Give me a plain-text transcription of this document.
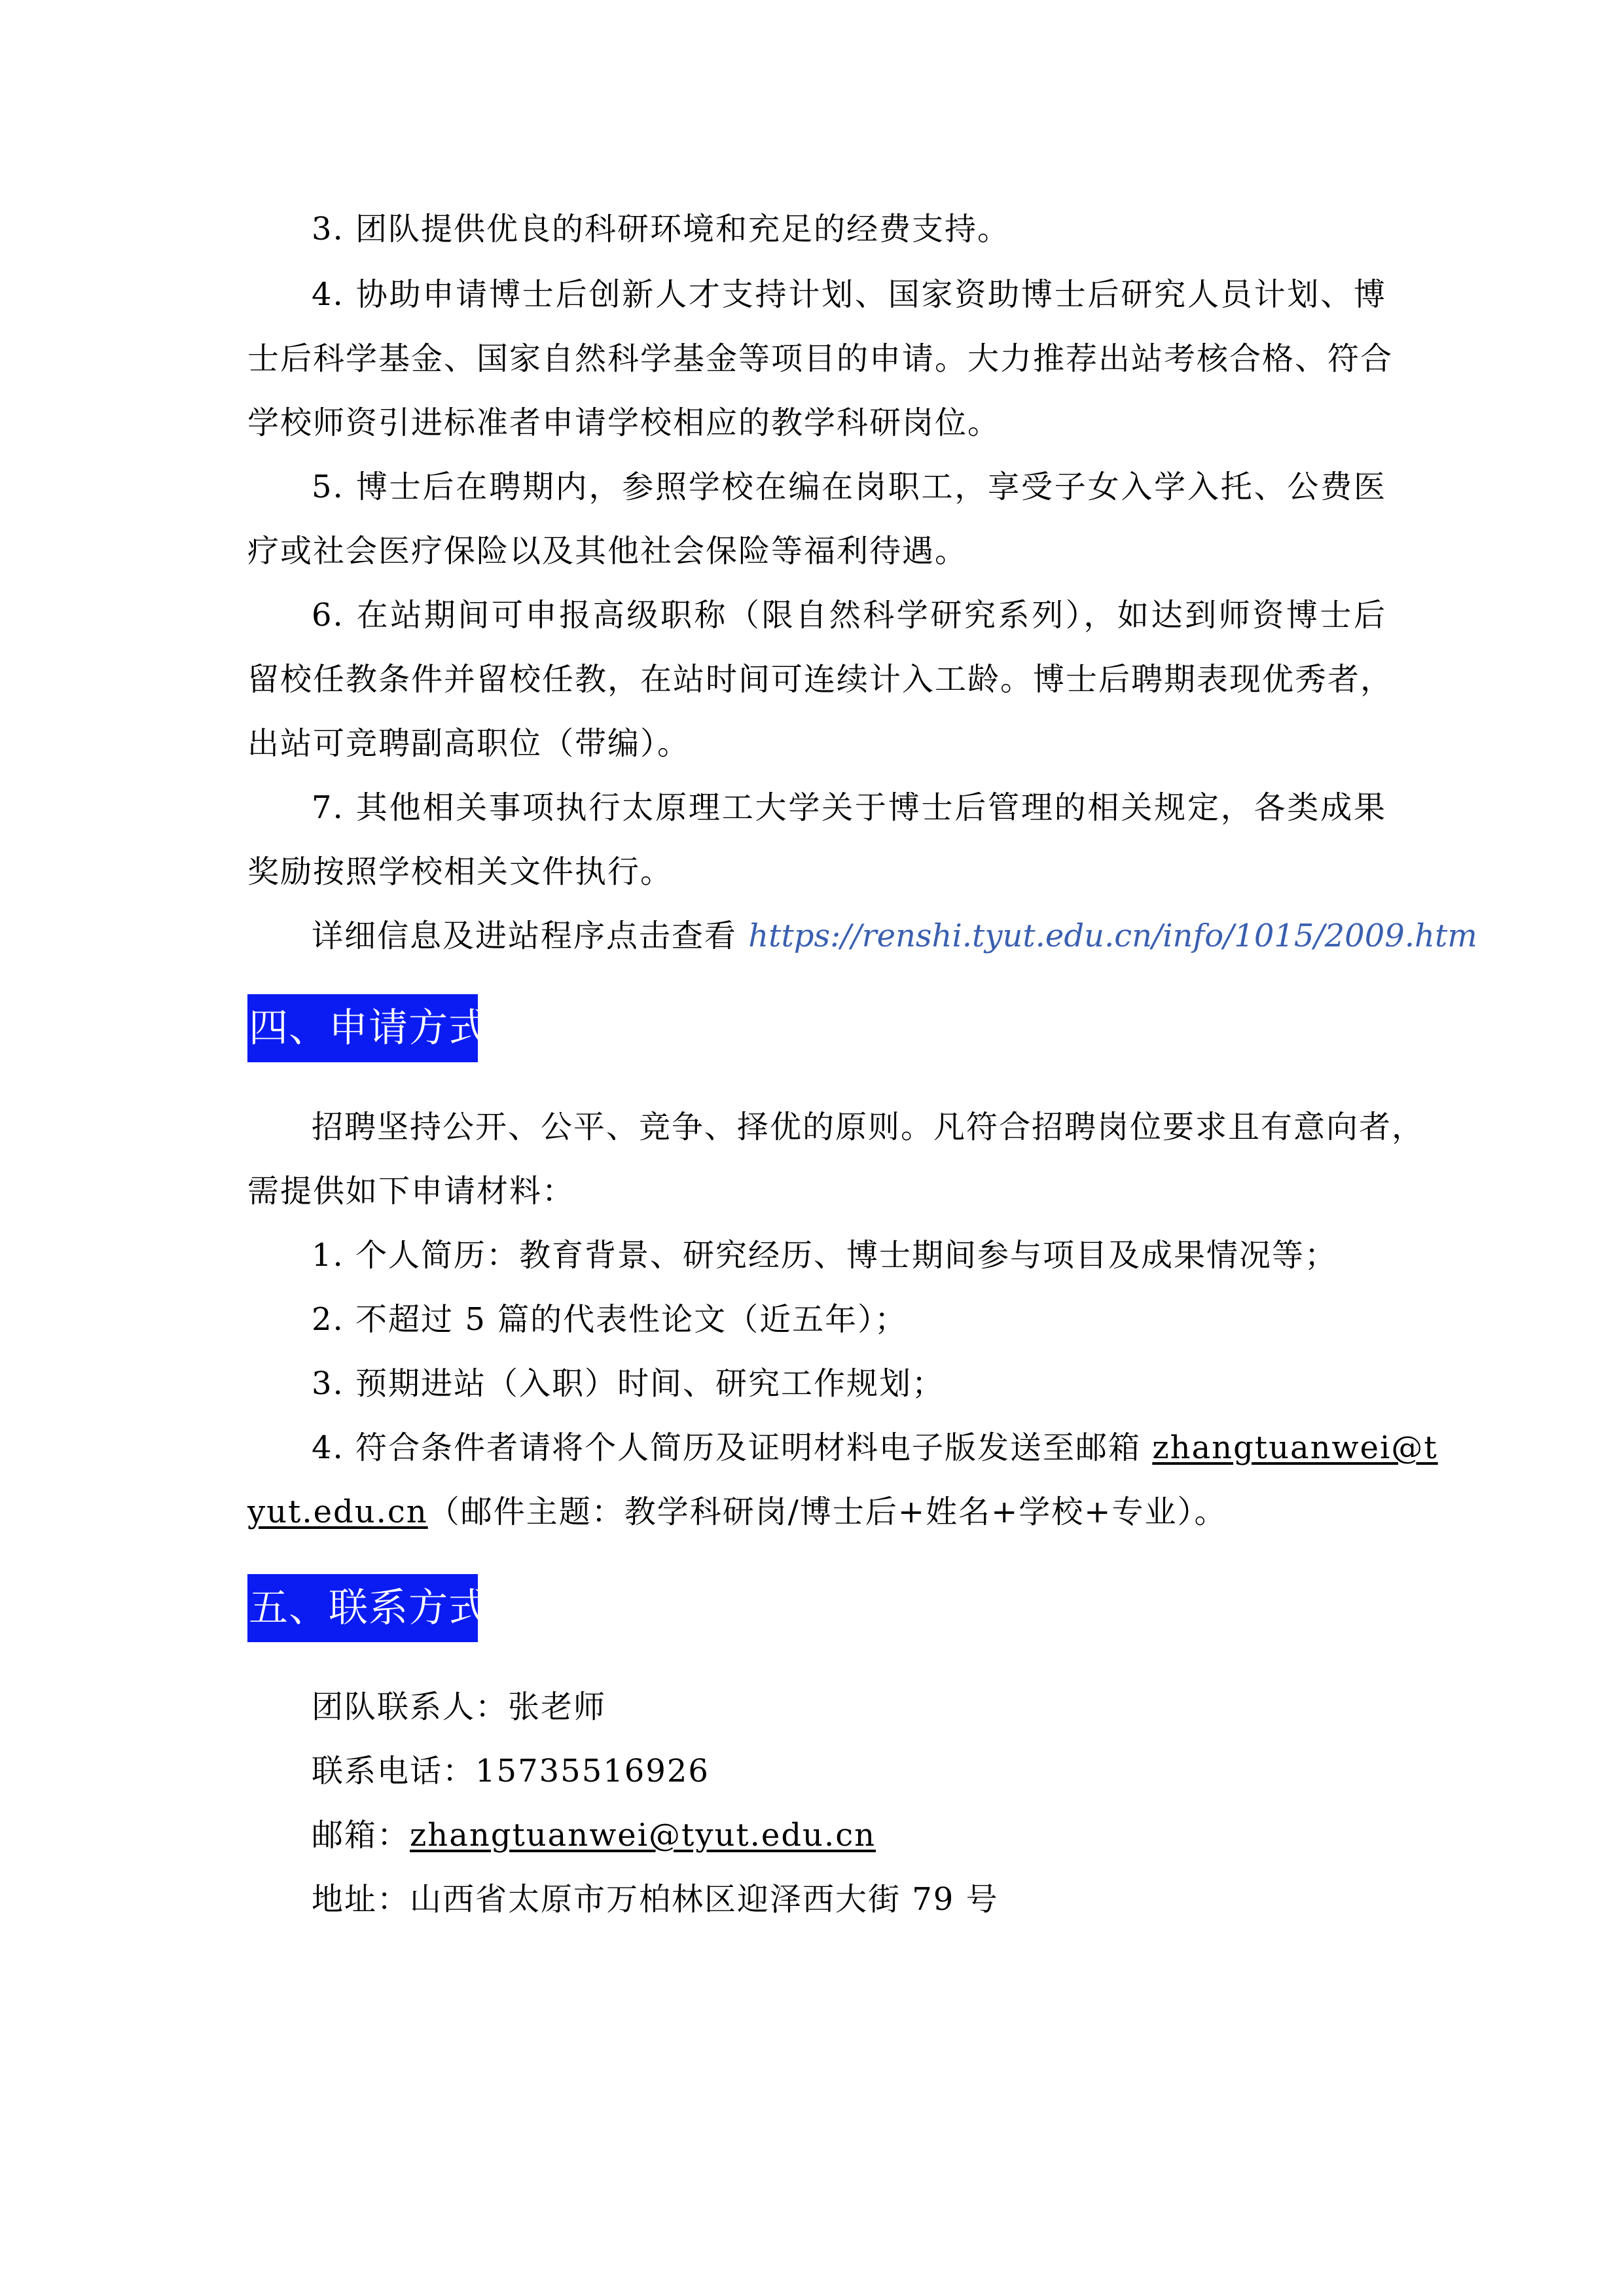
3. 团队提供优良的科研环境和充足的经费支持。
4. 协助申请博士后创新人才支持计划、国家资助博士后研究人员计划、博
士后科学基金、国家自然科学基金等项目的申请。大力推荐出站考核合格、符合
学校师资引进标准者申请学校相应的教学科研岗位。
5. 博士后在聘期内，参照学校在编在岗职工，享受子女入学入托、公费医
疗或社会医疗保险以及其他社会保险等福利待遇。
6. 在站期间可申报高级职称（限自然科学研究系列），如达到师资博士后
留校任教条件并留校任教，在站时间可连续计入工龄。博士后聘期表现优秀者，
出站可竞聘副高职位（带编）。
7. 其他相关事项执行太原理工大学关于博士后管理的相关规定，各类成果
奖励按照学校相关文件执行。
详细信息及进站程序点击查看 https://renshi.tyut.edu.cn/info/1015/2009.htm
四、申请方式
招聘坚持公开、公平、竞争、择优的原则。凡符合招聘岗位要求且有意向者，
需提供如下申请材料：
1. 个人简历：教育背景、研究经历、博士期间参与项目及成果情况等；
2. 不超过 5 篇的代表性论文（近五年）；
3. 预期进站（入职）时间、研究工作规划；
4. 符合条件者请将个人简历及证明材料电子版发送至邮箱 zhangtuanwei@t
yut.edu.cn（邮件主题：教学科研岗/博士后+姓名+学校+专业）。
五、联系方式
团队联系人：张老师
联系电话：15735516926
邮箱：zhangtuanwei@tyut.edu.cn
地址：山西省太原市万柏林区迎泽西大街 79 号
